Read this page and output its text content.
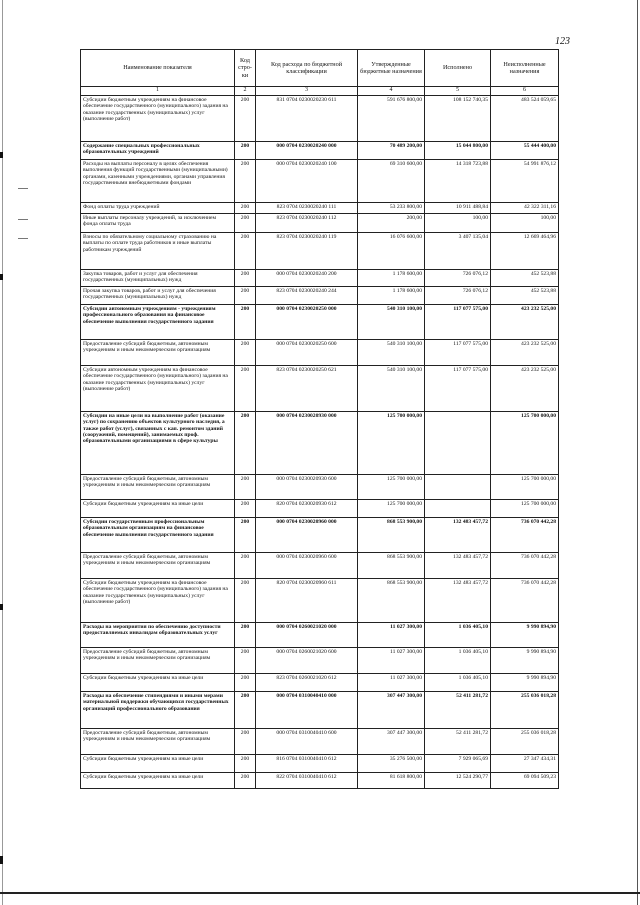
123
Наименование показателя	Код стро-ки	Код расхода по бюджетной классификации	Утвержденные бюджетные назначения	Исполнено	Неисполненные назначения
1	2	3	4	5	6
Субсидии бюджетным учреждениям на финансовое обеспечение государственного (муниципального) задания на оказание государственных (муниципальных) услуг (выполнение работ)	200	831 0704 0230020230 611	591 676 800,00	108 152 740,35	483 524 059,65
Содержание специальных профессиональных образовательных учреждений	200	000 0704 0230020240 000	70 489 200,00	15 044 800,00	55 444 400,00
Расходы на выплаты персоналу в целях обеспечения выполнения функций государственными (муниципальными) органами, казенными учреждениями, органами управления государственными внебюджетными фондами	200	000 0704 0230020240 100	69 310 600,00	14 318 723,88	54 991 876,12
Фонд оплаты труда учреждений	200	823 0704 0230020240 111	53 233 800,00	10 911 488,84	42 322 311,16
Иные выплаты персоналу учреждений, за исключением фонда оплаты труда	200	823 0704 0230020240 112	200,00	100,00	100,00
Взносы по обязательному социальному страхованию на выплаты по оплате труда работников и иные выплаты работникам учреждений	200	823 0704 0230020240 119	16 076 600,00	3 407 135,04	12 669 464,96
Закупка товаров, работ и услуг для обеспечения государственных (муниципальных) нужд	200	000 0704 0230020240 200	1 178 600,00	726 076,12	452 523,88
Прочая закупка товаров, работ и услуг для обеспечения государственных (муниципальных) нужд	200	823 0704 0230020240 244	1 178 600,00	726 076,12	452 523,88
Субсидии автономным учреждениям - учреждениям профессионального образования на финансовое обеспечение выполнения государственного задания	200	000 0704 0230020250 000	540 310 100,00	117 077 575,00	423 232 525,00
Предоставление субсидий бюджетным, автономным учреждениям и иным некоммерческим организациям	200	000 0704 0230020250 600	540 310 100,00	117 077 575,00	423 232 525,00
Субсидии автономным учреждениям на финансовое обеспечение государственного (муниципального) задания на оказание государственных (муниципальных) услуг (выполнение работ)	200	823 0704 0230020250 621	540 310 100,00	117 077 575,00	423 232 525,00
Субсидии на иные цели на выполнение работ (оказание услуг) по сохранению объектов культурного наследия, а также работ (услуг), связанных с кап. ремонтом зданий (сооружений, помещений), занимаемых проф. образовательными организациями в сфере культуры	200	000 0704 0230020930 000	125 700 000,00		125 700 000,00
Предоставление субсидий бюджетным, автономным учреждениям и иным некоммерческим организациям	200	000 0704 0230020930 600	125 700 000,00		125 700 000,00
Субсидии бюджетным учреждениям на иные цели	200	820 0704 0230020930 612	125 700 000,00		125 700 000,00
Субсидии государственным профессиональным образовательным организациям на финансовое обеспечение выполнения государственного задания	200	000 0704 0230020960 000	868 553 900,00	132 483 457,72	736 070 442,28
Предоставление субсидий бюджетным, автономным учреждениям и иным некоммерческим организациям	200	000 0704 0230020960 600	868 553 900,00	132 483 457,72	736 070 442,28
Субсидии бюджетным учреждениям на финансовое обеспечение государственного (муниципального) задания на оказание государственных (муниципальных) услуг (выполнение работ)	200	820 0704 0230020960 611	868 553 900,00	132 483 457,72	736 070 442,28
Расходы на мероприятия по обеспечению доступности предоставляемых инвалидам образовательных услуг	200	000 0704 0260021020 000	11 027 300,00	1 036 405,10	9 990 894,90
Предоставление субсидий бюджетным, автономным учреждениям и иным некоммерческим организациям	200	000 0704 0260021020 600	11 027 300,00	1 036 405,10	9 990 894,90
Субсидии бюджетным учреждениям на иные цели	200	823 0704 0260021020 612	11 027 300,00	1 036 405,10	9 990 894,90
Расходы на обеспечение стипендиями и иными мерами материальной поддержки обучающихся государственных организаций профессионального образования	200	000 0704 0310040410 000	307 447 300,00	52 411 281,72	255 036 018,28
Предоставление субсидий бюджетным, автономным учреждениям и иным некоммерческим организациям	200	000 0704 0310040410 600	307 447 300,00	52 411 281,72	255 036 018,28
Субсидии бюджетным учреждениям на иные цели	200	816 0704 0310040410 612	35 276 500,00	7 929 065,69	27 347 434,31
Субсидии бюджетным учреждениям на иные цели	200	822 0704 0310040410 612	81 618 800,00	12 524 290,77	69 094 509,23
